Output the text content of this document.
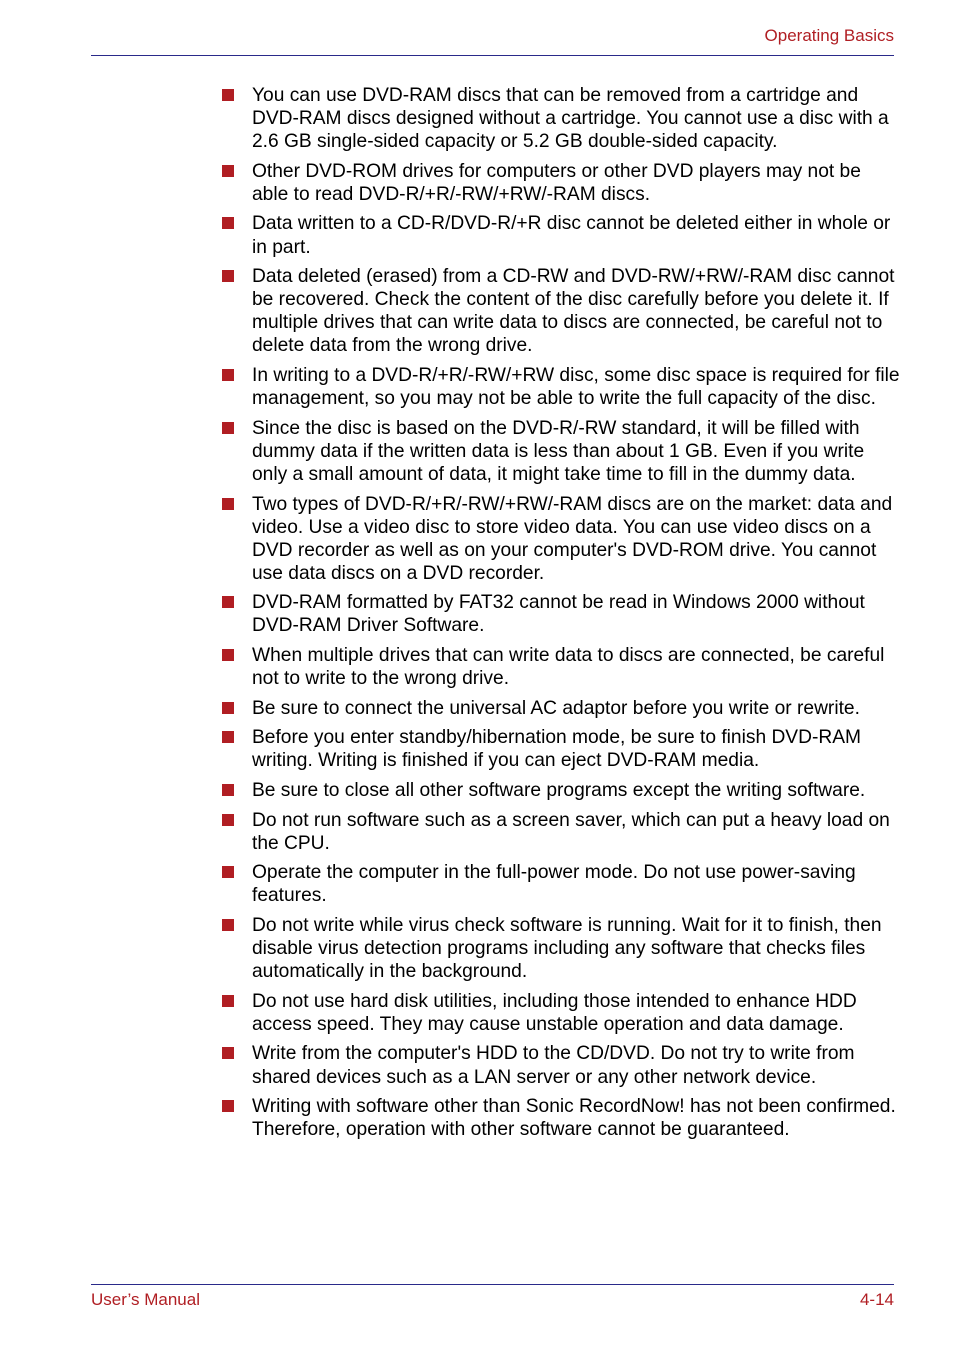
Operating Basics
You can use DVD-RAM discs that can be removed from a cartridge and DVD-RAM discs designed without a cartridge. You cannot use a disc with a 2.6 GB single-sided capacity or 5.2 GB double-sided capacity.
Other DVD-ROM drives for computers or other DVD players may not be able to read DVD-R/+R/-RW/+RW/-RAM discs.
Data written to a CD-R/DVD-R/+R disc cannot be deleted either in whole or in part.
Data deleted (erased) from a CD-RW and DVD-RW/+RW/-RAM disc cannot be recovered. Check the content of the disc carefully before you delete it. If multiple drives that can write data to discs are connected, be careful not to delete data from the wrong drive.
In writing to a DVD-R/+R/-RW/+RW disc, some disc space is required for file management, so you may not be able to write the full capacity of the disc.
Since the disc is based on the DVD-R/-RW standard, it will be filled with dummy data if the written data is less than about 1 GB. Even if you write only a small amount of data, it might take time to fill in the dummy data.
Two types of DVD-R/+R/-RW/+RW/-RAM discs are on the market: data and video. Use a video disc to store video data. You can use video discs on a DVD recorder as well as on your computer's DVD-ROM drive. You cannot use data discs on a DVD recorder.
DVD-RAM formatted by FAT32 cannot be read in Windows 2000 without DVD-RAM Driver Software.
When multiple drives that can write data to discs are connected, be careful not to write to the wrong drive.
Be sure to connect the universal AC adaptor before you write or rewrite.
Before you enter standby/hibernation mode, be sure to finish DVD-RAM writing. Writing is finished if you can eject DVD-RAM media.
Be sure to close all other software programs except the writing software.
Do not run software such as a screen saver, which can put a heavy load on the CPU.
Operate the computer in the full-power mode. Do not use power-saving features.
Do not write while virus check software is running. Wait for it to finish, then disable virus detection programs including any software that checks files automatically in the background.
Do not use hard disk utilities, including those intended to enhance HDD access speed. They may cause unstable operation and data damage.
Write from the computer's HDD to the CD/DVD. Do not try to write from shared devices such as a LAN server or any other network device.
Writing with software other than Sonic RecordNow! has not been confirmed. Therefore, operation with other software cannot be guaranteed.
User’s Manual	4-14
